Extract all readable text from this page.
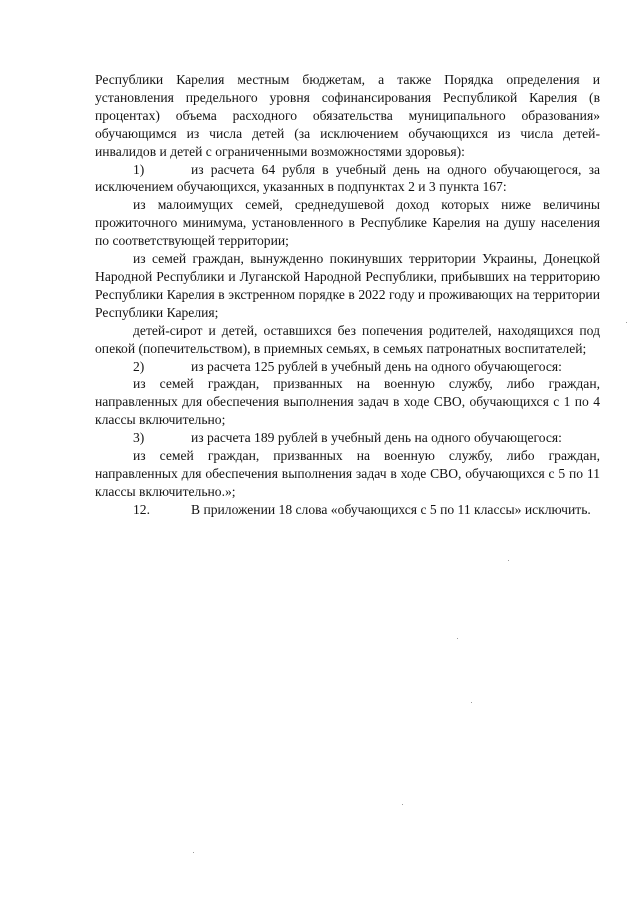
Республики Карелия местным бюджетам, а также Порядка определения и установления предельного уровня софинансирования Республикой Карелия (в процентах) объема расходного обязательства муниципального образования» обучающимся из числа детей (за исключением обучающихся из числа детей-инвалидов и детей с ограниченными возможностями здоровья):

1)	из расчета 64 рубля в учебный день на одного обучающегося, за исключением обучающихся, указанных в подпунктах 2 и 3 пункта 167:

из малоимущих семей, среднедушевой доход которых ниже величины прожиточного минимума, установленного в Республике Карелия на душу населения по соответствующей территории;

из семей граждан, вынужденно покинувших территории Украины, Донецкой Народной Республики и Луганской Народной Республики, прибывших на территорию Республики Карелия в экстренном порядке в 2022 году и проживающих на территории Республики Карелия;

детей-сирот и детей, оставшихся без попечения родителей, находящихся под опекой (попечительством), в приемных семьях, в семьях патронатных воспитателей;

2)	из расчета 125 рублей в учебный день на одного обучающегося:

из семей граждан, призванных на военную службу, либо граждан, направленных для обеспечения выполнения задач в ходе СВО, обучающихся с 1 по 4 классы включительно;

3)	из расчета 189 рублей в учебный день на одного обучающегося:

из семей граждан, призванных на военную службу, либо граждан, направленных для обеспечения выполнения задач в ходе СВО, обучающихся с 5 по 11 классы включительно.»;

12.	В приложении 18 слова «обучающихся с 5 по 11 классы» исключить.
